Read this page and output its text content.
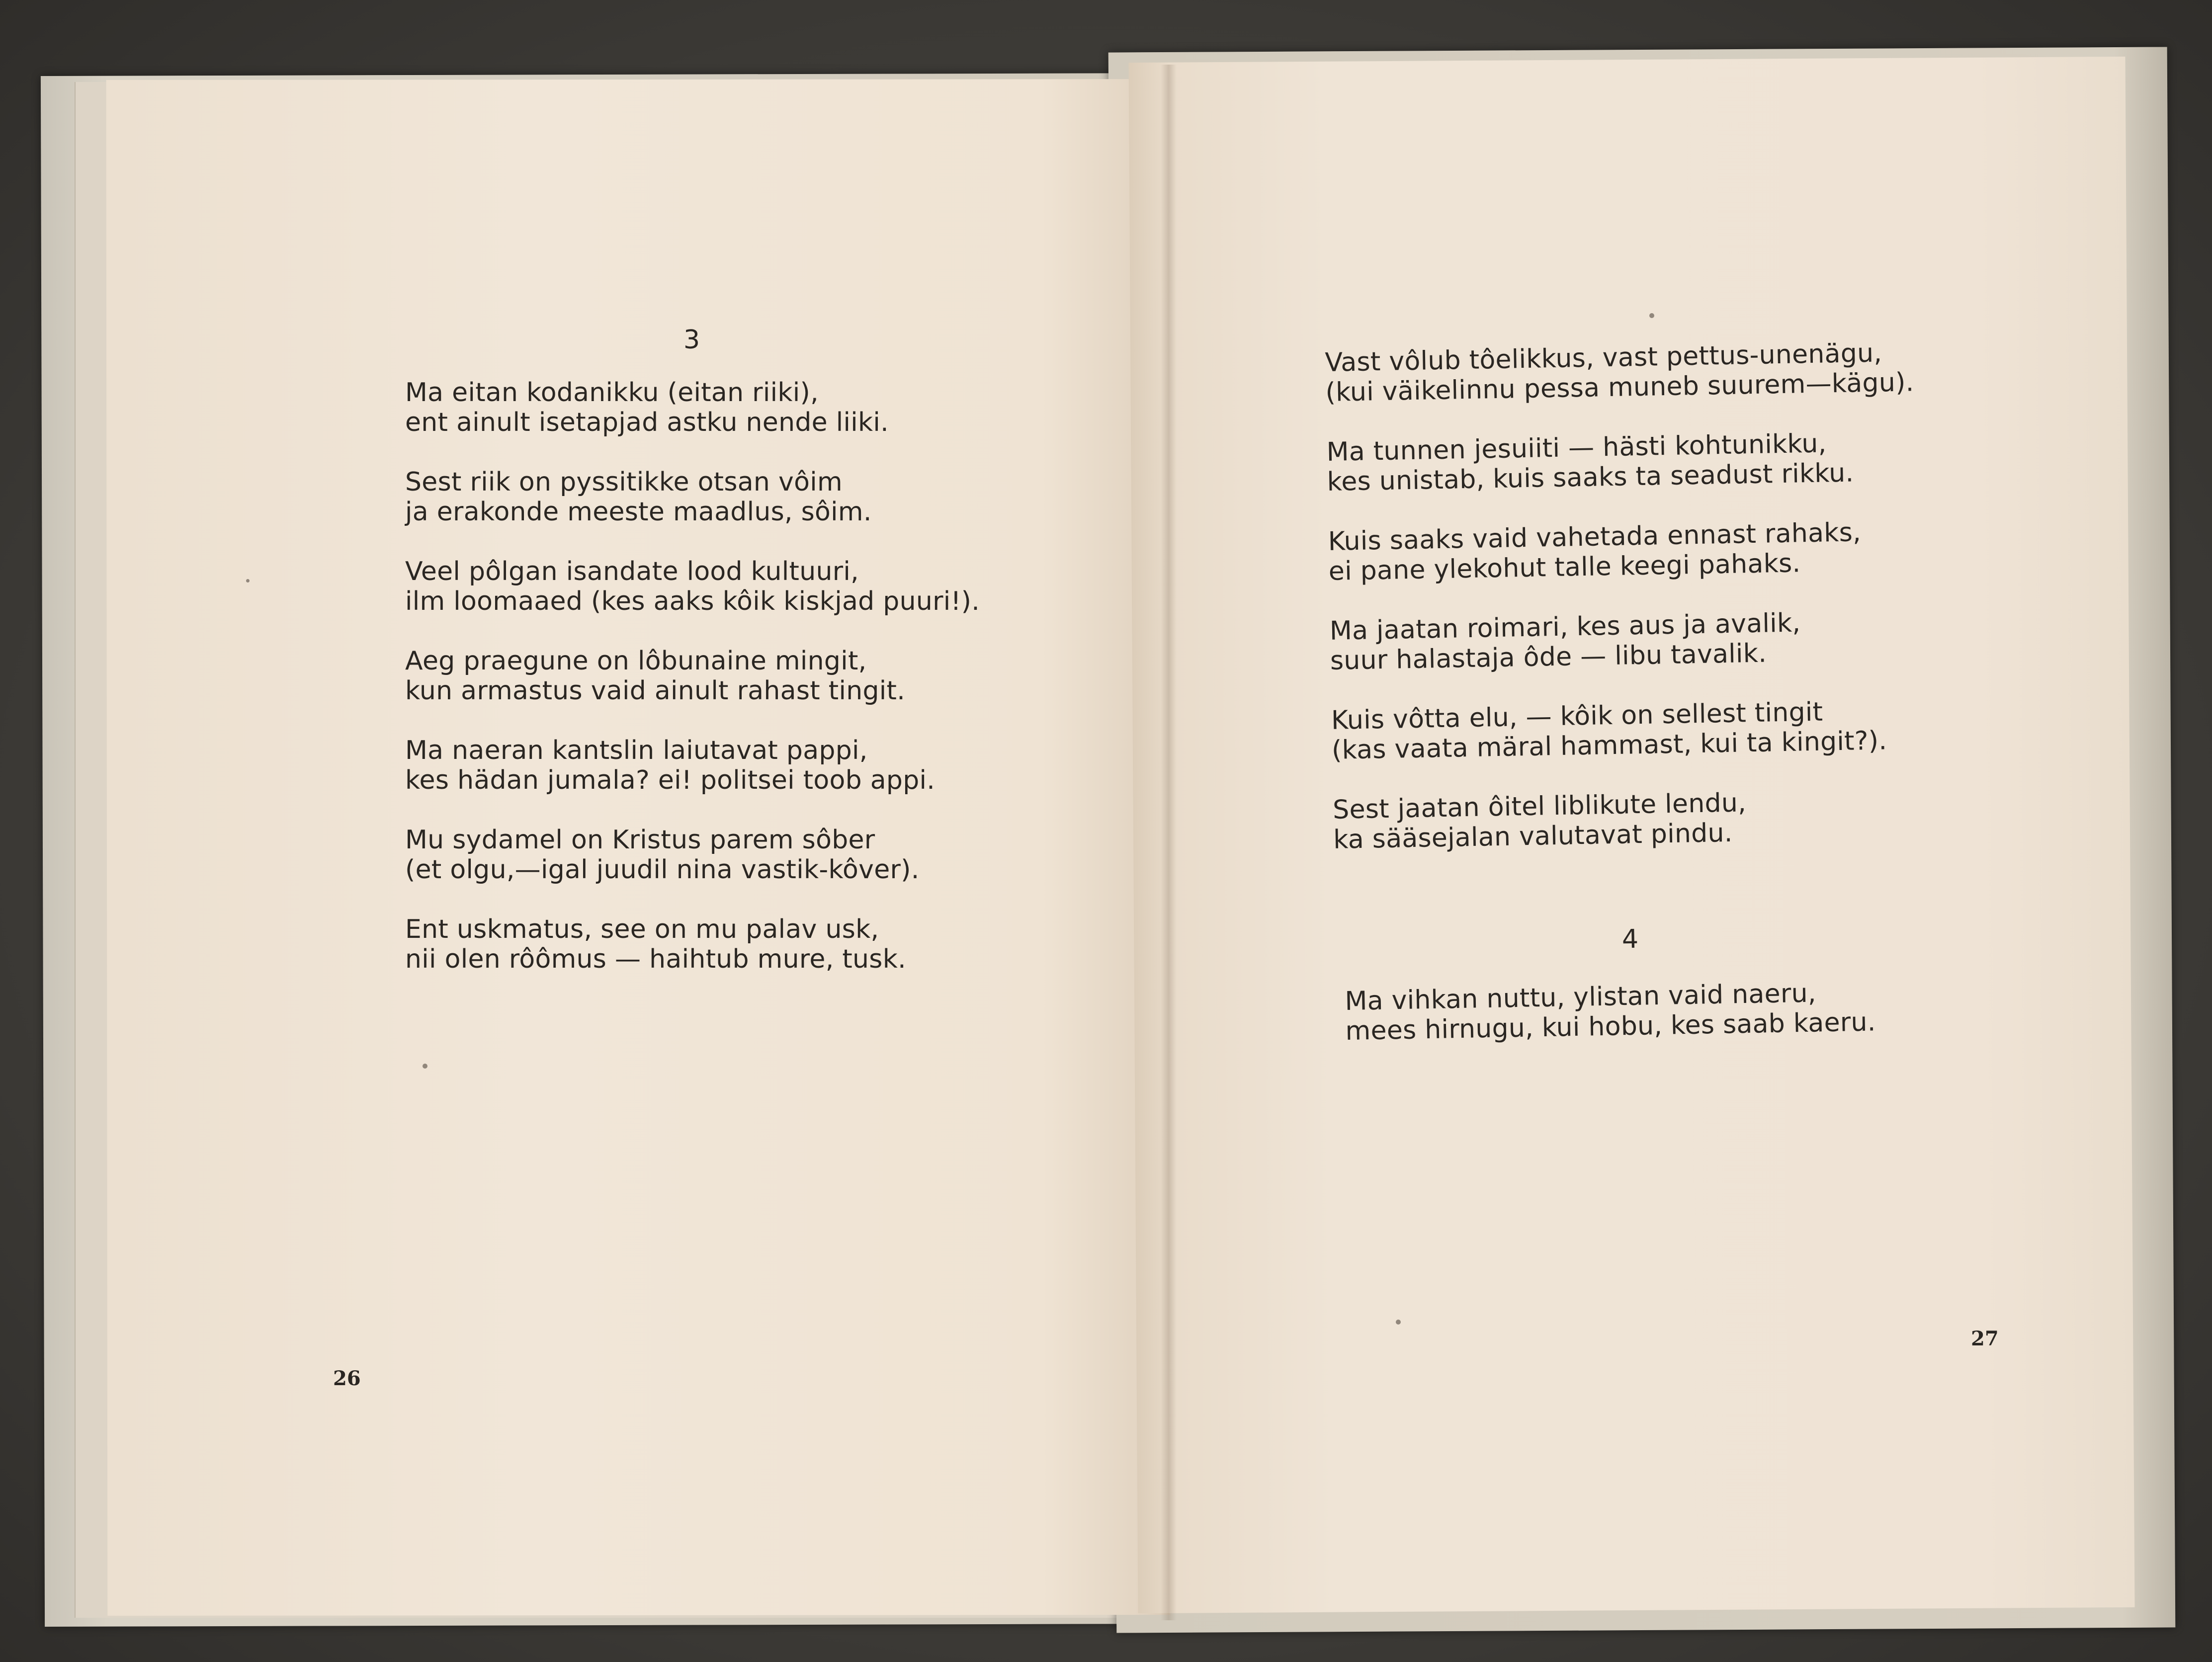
3
Ma eitan kodanikku (eitan riiki),
ent ainult isetapjad astku nende liiki.
Sest riik on pyssitikke otsan vôim
ja erakonde meeste maadlus, sôim.
Veel pôlgan isandate lood kultuuri,
ilm loomaaed (kes aaks kôik kiskjad puuri!).
Aeg praegune on lôbunaine mingit,
kun armastus vaid ainult rahast tingit.
Ma naeran kantslin laiutavat pappi,
kes hädan jumala? ei! politsei toob appi.
Mu sydamel on Kristus parem sôber
(et olgu,—igal juudil nina vastik-kôver).
Ent uskmatus, see on mu palav usk,
nii olen rôômus — haihtub mure, tusk.
26
Vast vôlub tôelikkus, vast pettus-unenägu,
(kui väikelinnu pessa muneb suurem—kägu).
Ma tunnen jesuiiti — hästi kohtunikku,
kes unistab, kuis saaks ta seadust rikku.
Kuis saaks vaid vahetada ennast rahaks,
ei pane ylekohut talle keegi pahaks.
Ma jaatan roimari, kes aus ja avalik,
suur halastaja ôde — libu tavalik.
Kuis vôtta elu, — kôik on sellest tingit
(kas vaata märal hammast, kui ta kingit?).
Sest jaatan ôitel liblikute lendu,
ka sääsejalan valutavat pindu.
4
Ma vihkan nuttu, ylistan vaid naeru,
mees hirnugu, kui hobu, kes saab kaeru.
27
